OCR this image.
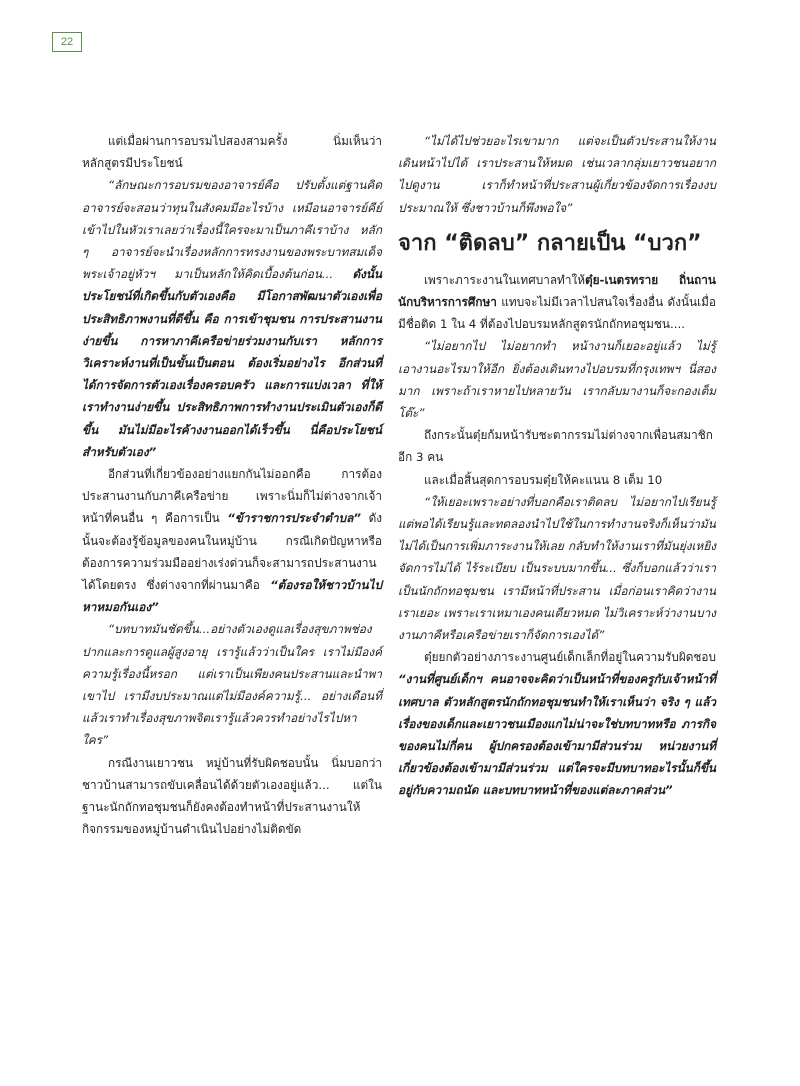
22

แต่เมื่อผ่านการอบรมไปสองสามครั้ง นิ่มเห็นว่าหลักสูตรมีประโยชน์

“ลักษณะการอบรมของอาจารย์คือ ปรับตั้งแต่ฐานคิด อาจารย์จะสอนว่าทุนในสังคมมีอะไรบ้าง เหมือนอาจารย์คีย์เข้าไปในหัวเราเลยว่าเรื่องนี้ใครจะมาเป็นภาคีเราบ้าง หลัก ๆ อาจารย์จะนำเรื่องหลักการทรงงานของพระบาทสมเด็จพระเจ้าอยู่หัวฯ มาเป็นหลักให้คิดเบื้องต้นก่อน... ดังนั้นประโยชน์ที่เกิดขึ้นกับตัวเองคือ มีโอกาสพัฒนาตัวเองเพื่อประสิทธิภาพงานที่ดีขึ้น คือ การเข้าชุมชน การประสานงานง่ายขึ้น การหาภาคีเครือข่ายร่วมงานกับเรา หลักการวิเคราะห์งานที่เป็นขั้นเป็นตอน ต้องเริ่มอย่างไร อีกส่วนที่ได้การจัดการตัวเองเรื่องครอบครัว และการแบ่งเวลา ที่ให้เราทำงานง่ายขึ้น ประสิทธิภาพการทำงานประเมินตัวเองก็ดีขึ้น มันไม่มีอะไรค้างงานออกได้เร็วขึ้น นี่คือประโยชน์สำหรับตัวเอง”

อีกส่วนที่เกี่ยวข้องอย่างแยกกันไม่ออกคือ การต้องประสานงานกับภาคีเครือข่าย เพราะนิ่มก็ไม่ต่างจากเจ้าหน้าที่คนอื่น ๆ คือการเป็น “ข้าราชการประจำตำบล” ดังนั้นจะต้องรู้ข้อมูลของคนในหมู่บ้าน กรณีเกิดปัญหาหรือต้องการความร่วมมืออย่างเร่งด่วนก็จะสามารถประสานงานได้โดยตรง ซึ่งต่างจากที่ผ่านมาคือ “ต้องรอให้ชาวบ้านไปหาหมอกันเอง”

“บทบาทมันชัดขึ้น...อย่างตัวเองดูแลเรื่องสุขภาพช่องปากและการดูแลผู้สูงอายุ เรารู้แล้วว่าเป็นใคร เราไม่มีองค์ความรู้เรื่องนี้หรอก แต่เราเป็นเพียงคนประสานและนำพาเขาไป เรามีงบประมาณแต่ไม่มีองค์ความรู้... อย่างเดือนที่แล้วเราทำเรื่องสุขภาพจิตเรารู้แล้วควรทำอย่างไรไปหาใคร”

กรณีงานเยาวชน หมู่บ้านที่รับผิดชอบนั้น นิ่มบอกว่าชาวบ้านสามารถขับเคลื่อนได้ด้วยตัวเองอยู่แล้ว... แต่ในฐานะนักถักทอชุมชนก็ยังคงต้องทำหน้าที่ประสานงานให้กิจกรรมของหมู่บ้านดำเนินไปอย่างไม่ติดขัด

“ไม่ได้ไปช่วยอะไรเขามาก แต่จะเป็นตัวประสานให้งานเดินหน้าไปได้ เราประสานให้หมด เช่นเวลากลุ่มเยาวชนอยากไปดูงาน เราก็ทำหน้าที่ประสานผู้เกี่ยวข้องจัดการเรื่องงบประมาณให้ ซึ่งชาวบ้านก็พึงพอใจ”

จาก “ติดลบ” กลายเป็น “บวก”

เพราะภาระงานในเทศบาลทำให้ตุ๋ย-เนตรทราย ถิ่นถาน นักบริหารการศึกษา แทบจะไม่มีเวลาไปสนใจเรื่องอื่น ดังนั้นเมื่อมีชื่อติด 1 ใน 4 ที่ต้องไปอบรมหลักสูตรนักถักทอชุมชน....

“ไม่อยากไป ไม่อยากทำ หน้างานก็เยอะอยู่แล้ว ไม่รู้เอางานอะไรมาให้อีก ยิ่งต้องเดินทางไปอบรมที่กรุงเทพฯ นี่สองมาก เพราะถ้าเราหายไปหลายวัน เรากลับมางานก็จะกองเต็มโต๊ะ”

ถึงกระนั้นตุ๋ยก้มหน้ารับชะตากรรมไม่ต่างจากเพื่อนสมาชิกอีก 3 คน

และเมื่อสิ้นสุดการอบรมตุ๋ยให้คะแนน 8 เต็ม 10

“ให้เยอะเพราะอย่างที่บอกคือเราติดลบ ไม่อยากไปเรียนรู้ แต่พอได้เรียนรู้และทดลองนำไปใช้ในการทำงานจริงก็เห็นว่ามันไม่ได้เป็นการเพิ่มภาระงานให้เลย กลับทำให้งานเราที่มันยุ่งเหยิง จัดการไม่ได้ ไร้ระเบียบ เป็นระบบมากขึ้น... ซึ่งก็บอกแล้วว่าเราเป็นนักถักทอชุมชน เรามีหน้าที่ประสาน เมื่อก่อนเราคิดว่างานเราเยอะ เพราะเราเหมาเองคนเดียวหมด ไม่วิเคราะห์ว่างานบางงานภาคีหรือเครือข่ายเราก็จัดการเองได้”

ตุ๋ยยกตัวอย่างภาระงานศูนย์เด็กเล็กที่อยู่ในความรับผิดชอบ “งานที่ศูนย์เด็กฯ คนอาจจะคิดว่าเป็นหน้าที่ของครูกับเจ้าหน้าที่เทศบาล ตัวหลักสูตรนักถักทอชุมชนทำให้เราเห็นว่า จริง ๆ แล้วเรื่องของเด็กและเยาวชนเมืองแกไม่น่าจะใช่บทบาทหรือ ภารกิจของคนไม่กี่คน ผู้ปกครองต้องเข้ามามีส่วนร่วม หน่วยงานที่เกี่ยวข้องต้องเข้ามามีส่วนร่วม แต่ใครจะมีบทบาทอะไรนั้นก็ขึ้นอยู่กับความถนัด และบทบาทหน้าที่ของแต่ละภาคส่วน”
